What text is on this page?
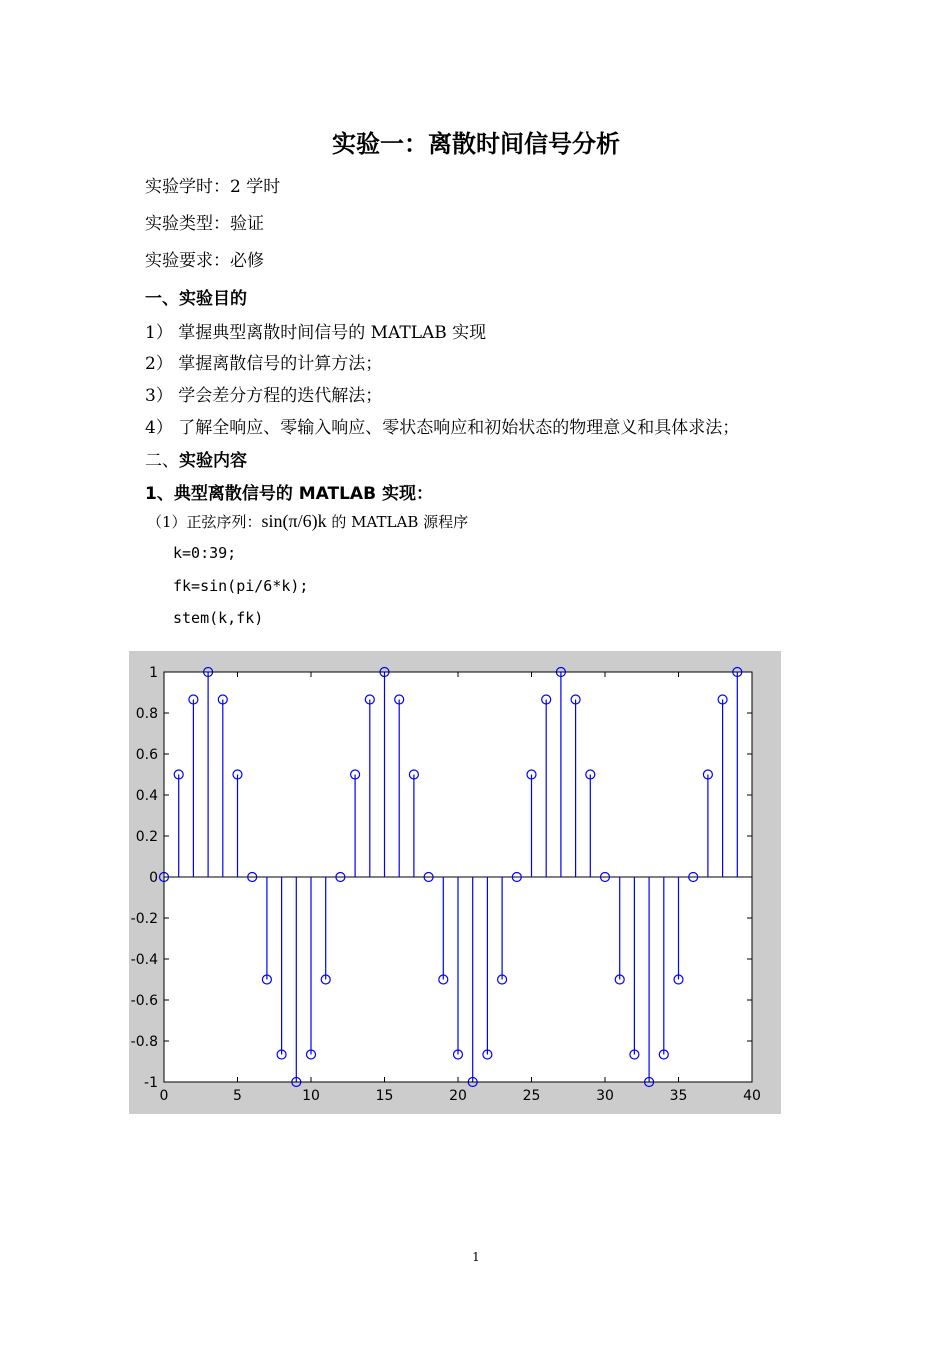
实验一：离散时间信号分析
实验学时：2 学时
实验类型：验证
实验要求：必修
一、实验目的
1） 掌握典型离散时间信号的 MATLAB 实现
2） 掌握离散信号的计算方法；
3） 学会差分方程的迭代解法；
4） 了解全响应、零输入响应、零状态响应和初始状态的物理意义和具体求法；
二、实验内容
1、典型离散信号的 MATLAB 实现：
（1）正弦序列：sin(π/6)k 的 MATLAB 源程序
k=0:39;
fk=sin(pi/6*k);
stem(k,fk)
0	5	10	15	20	25	30	35	40
1
0.8
0.6
0.4
0.2
0
-0.2
-0.4
-0.6
-0.8
-1
1
